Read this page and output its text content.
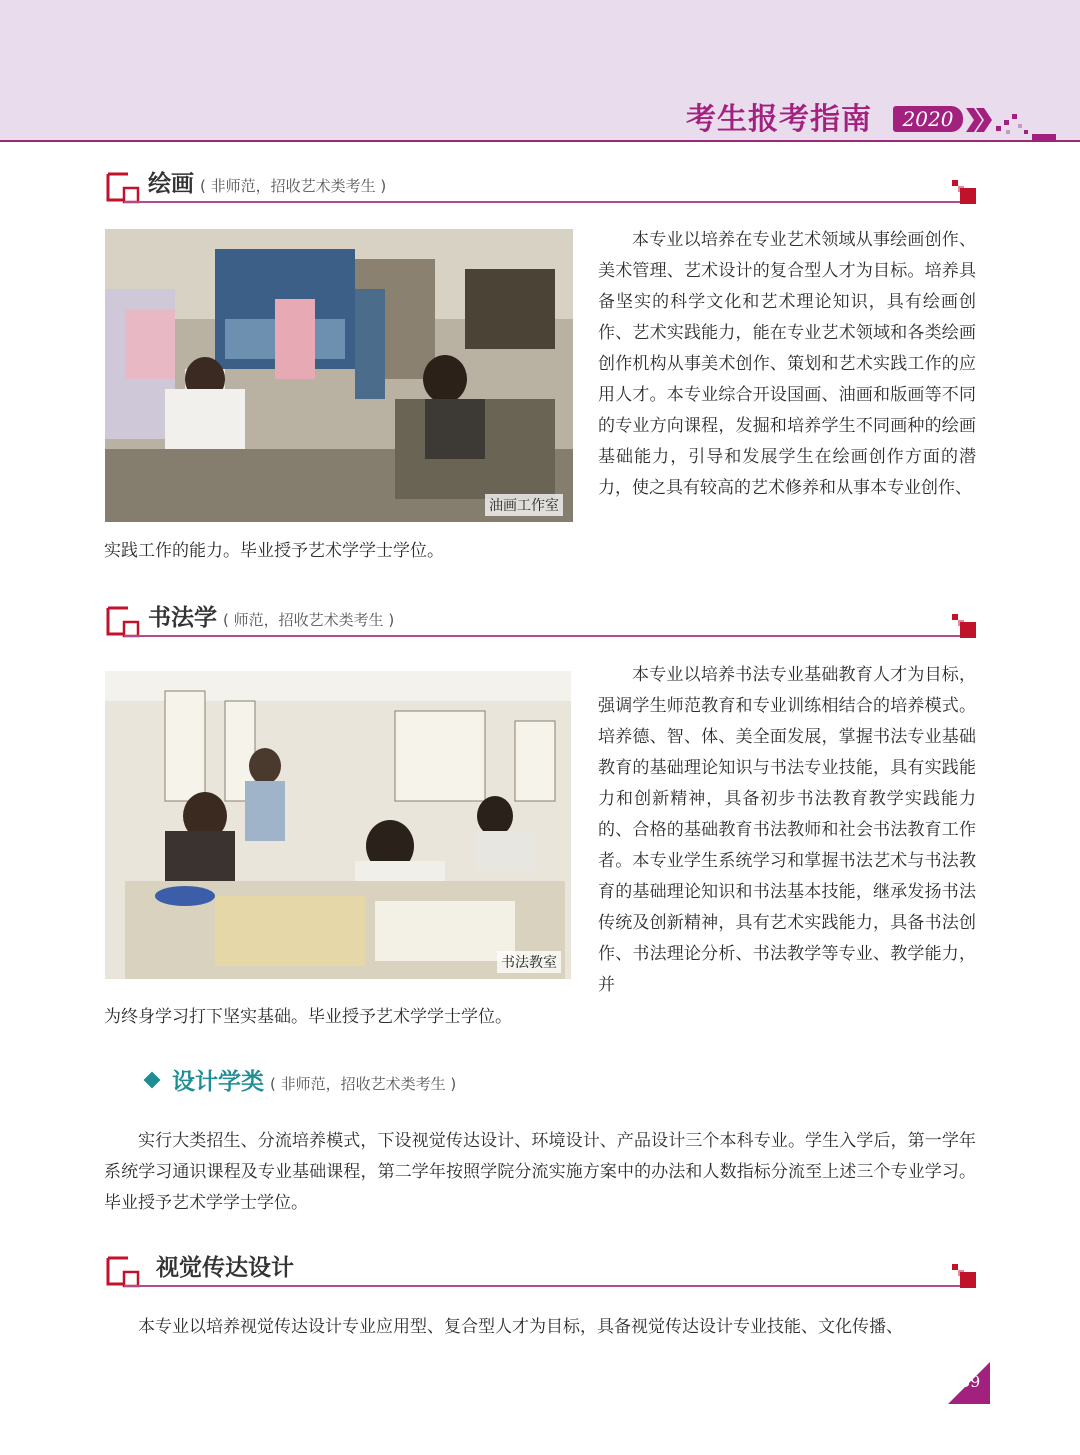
考生报考指南	2020
绘画 ( 非师范，招收艺术类考生 )
油画工作室

本专业以培养在专业艺术领域从事绘画创作、美术管理、艺术设计的复合型人才为目标。培养具备坚实的科学文化和艺术理论知识，具有绘画创作、艺术实践能力，能在专业艺术领域和各类绘画创作机构从事美术创作、策划和艺术实践工作的应用人才。本专业综合开设国画、油画和版画等不同的专业方向课程，发掘和培养学生不同画种的绘画基础能力，引导和发展学生在绘画创作方面的潜力，使之具有较高的艺术修养和从事本专业创作、

实践工作的能力。毕业授予艺术学学士学位。

书法学 ( 师范，招收艺术类考生 )
书法教室

本专业以培养书法专业基础教育人才为目标，强调学生师范教育和专业训练相结合的培养模式。培养德、智、体、美全面发展，掌握书法专业基础教育的基础理论知识与书法专业技能，具有实践能力和创新精神，具备初步书法教育教学实践能力的、合格的基础教育书法教师和社会书法教育工作者。本专业学生系统学习和掌握书法艺术与书法教育的基础理论知识和书法基本技能，继承发扬书法传统及创新精神，具有艺术实践能力，具备书法创作、书法理论分析、书法教学等专业、教学能力，并

为终身学习打下坚实基础。毕业授予艺术学学士学位。

设计学类 ( 非师范，招收艺术类考生 )

实行大类招生、分流培养模式，下设视觉传达设计、环境设计、产品设计三个本科专业。学生入学后，第一学年系统学习通识课程及专业基础课程，第二学年按照学院分流实施方案中的办法和人数指标分流至上述三个专业学习。毕业授予艺术学学士学位。

视觉传达设计

本专业以培养视觉传达设计专业应用型、复合型人才为目标，具备视觉传达设计专业技能、文化传播、

39
